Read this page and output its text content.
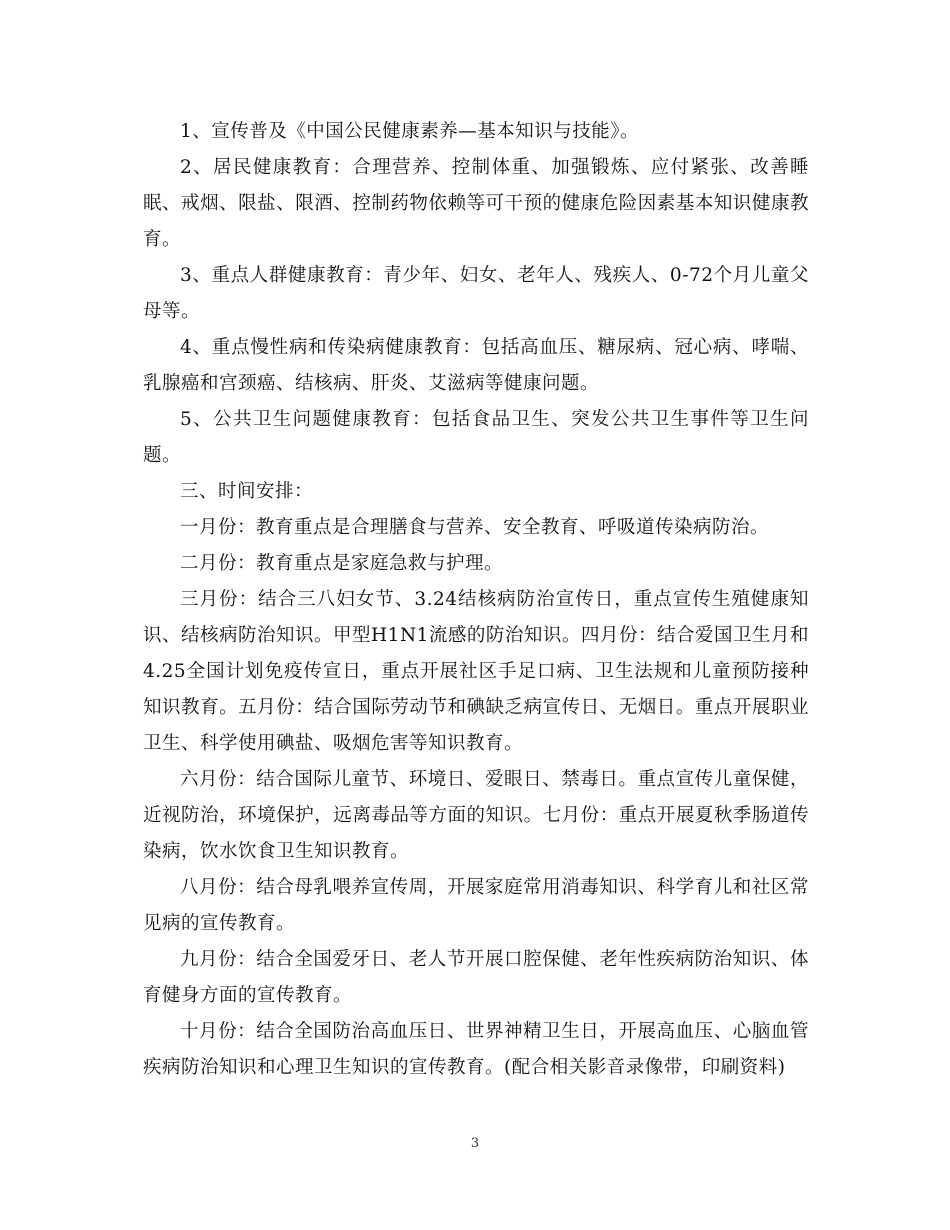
1、宣传普及《中国公民健康素养—基本知识与技能》。

2、居民健康教育：合理营养、控制体重、加强锻炼、应付紧张、改善睡眠、戒烟、限盐、限酒、控制药物依赖等可干预的健康危险因素基本知识健康教育。

3、重点人群健康教育：青少年、妇女、老年人、残疾人、0-72个月儿童父母等。

4、重点慢性病和传染病健康教育：包括高血压、糖尿病、冠心病、哮喘、乳腺癌和宫颈癌、结核病、肝炎、艾滋病等健康问题。

5、公共卫生问题健康教育：包括食品卫生、突发公共卫生事件等卫生问题。

三、时间安排：

一月份：教育重点是合理膳食与营养、安全教育、呼吸道传染病防治。

二月份：教育重点是家庭急救与护理。

三月份：结合三八妇女节、3.24结核病防治宣传日，重点宣传生殖健康知识、结核病防治知识。甲型H1N1流感的防治知识。四月份：结合爱国卫生月和4.25全国计划免疫传宣日，重点开展社区手足口病、卫生法规和儿童预防接种知识教育。五月份：结合国际劳动节和碘缺乏病宣传日、无烟日。重点开展职业卫生、科学使用碘盐、吸烟危害等知识教育。

六月份：结合国际儿童节、环境日、爱眼日、禁毒日。重点宣传儿童保健，近视防治，环境保护，远离毒品等方面的知识。七月份：重点开展夏秋季肠道传染病，饮水饮食卫生知识教育。

八月份：结合母乳喂养宣传周，开展家庭常用消毒知识、科学育儿和社区常见病的宣传教育。

九月份：结合全国爱牙日、老人节开展口腔保健、老年性疾病防治知识、体育健身方面的宣传教育。

十月份：结合全国防治高血压日、世界神精卫生日，开展高血压、心脑血管疾病防治知识和心理卫生知识的宣传教育。(配合相关影音录像带，印刷资料)

3
